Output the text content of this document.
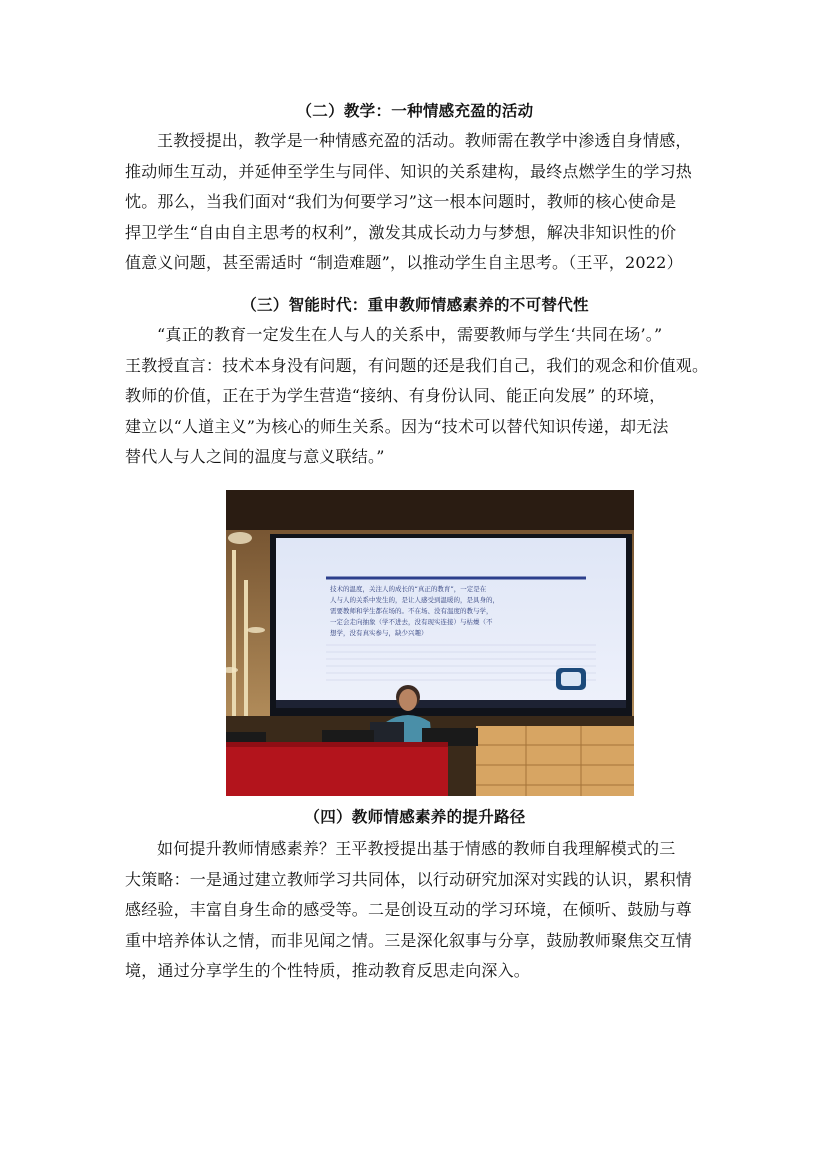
（二）教学：一种情感充盈的活动
王教授提出，教学是一种情感充盈的活动。教师需在教学中渗透自身情感，
推动师生互动，并延伸至学生与同伴、知识的关系建构，最终点燃学生的学习热
忱。那么，当我们面对“我们为何要学习”这一根本问题时，教师的核心使命是
捍卫学生“自由自主思考的权利”，激发其成长动力与梦想，解决非知识性的价
值意义问题，甚至需适时 “制造难题”，以推动学生自主思考。（王平，2022）
（三）智能时代：重申教师情感素养的不可替代性
“真正的教育一定发生在人与人的关系中，需要教师与学生‘共同在场’。”
王教授直言：技术本身没有问题，有问题的还是我们自己，我们的观念和价值观。
教师的价值，正在于为学生营造“接纳、有身份认同、能正向发展” 的环境，
建立以“人道主义”为核心的师生关系。因为“技术可以替代知识传递，却无法
替代人与人之间的温度与意义联结。”
技术的温度，关注人的成长的“真正的教育”，一定是在
人与人的关系中发生的，是让人感受到温暖的，是具身的，
需要教师和学生都在场的。不在场、没有温度的教与学，
一定会走向抽象（学不进去，没有现实连接）与枯燥（不
想学，没有真实参与，缺少兴趣）
（四）教师情感素养的提升路径
如何提升教师情感素养？王平教授提出基于情感的教师自我理解模式的三
大策略：一是通过建立教师学习共同体，以行动研究加深对实践的认识，累积情
感经验，丰富自身生命的感受等。二是创设互动的学习环境，在倾听、鼓励与尊
重中培养体认之情，而非见闻之情。三是深化叙事与分享，鼓励教师聚焦交互情
境，通过分享学生的个性特质，推动教育反思走向深入。
